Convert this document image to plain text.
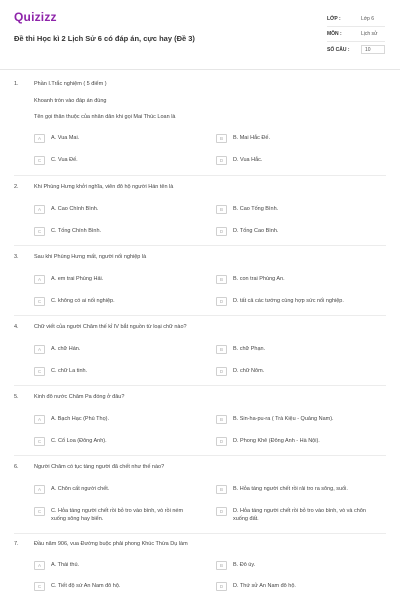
Quizizz
Đề thi Học kì 2 Lịch Sử 6 có đáp án, cực hay (Đề 3)
LỚP :	Lớp 6
MÔN :	Lịch sử
SỐ CÂU :	10
1.	Phần I.Trắc nghiệm ( 5 điểm )
Khoanh tròn vào đáp án đúng
Tên gọi thân thuộc của nhân dân khi gọi Mai Thúc Loan là
A	A. Vua Mai.	B	B. Mai Hắc Đế.
C	C. Vua Đế.	D	D. Vua Hắc.
2.	Khi Phùng Hưng khởi nghĩa, viên đô hộ người Hán tên là
A	A. Cao Chính Bình.	B	B. Cao Tống Bình.
C	C. Tống Chính Bình.	D	D. Tống Cao Bình.
3.	Sau khi Phùng Hưng mất, người nối nghiệp là
A	A. em trai Phùng Hải.	B	B. con trai Phùng An.
C	C. không có ai nối nghiệp.	D	D. tất cả các tướng cùng hợp sức nối nghiệp.
4.	Chữ viết của người Chăm thế kỉ IV bắt nguồn từ loại chữ nào?
A	A. chữ Hán.	B	B. chữ Phạn.
C	C. chữ La tinh.	D	D. chữ Nôm.
5.	Kinh đô nước Chăm Pa đóng ở đâu?
A	A. Bạch Hạc (Phú Thọ).	B	B. Sin-ha-pu-ra ( Trà Kiệu - Quảng Nam).
C	C. Cổ Loa (Đông Anh).	D	D. Phong Khê (Đông Anh - Hà Nội).
6.	Người Chăm có tục táng người đã chết như thế nào?
A	A. Chôn cất người chết.	B	B. Hỏa táng người chết rồi rải tro ra sông, suối.
C	C. Hỏa táng người chết rồi bỏ tro vào bình, vò rồi ném xuống sông hay biển.
D	D. Hỏa táng người chết rồi bỏ tro vào bình, vò và chôn xuống đất.
7.	Đầu năm 906, vua Đường buộc phải phong Khúc Thừa Dụ làm
A	A. Thái thú.	B	B. Đô úy.
C	C. Tiết độ sứ An Nam đô hộ.	D	D. Thứ sử An Nam đô hộ.
